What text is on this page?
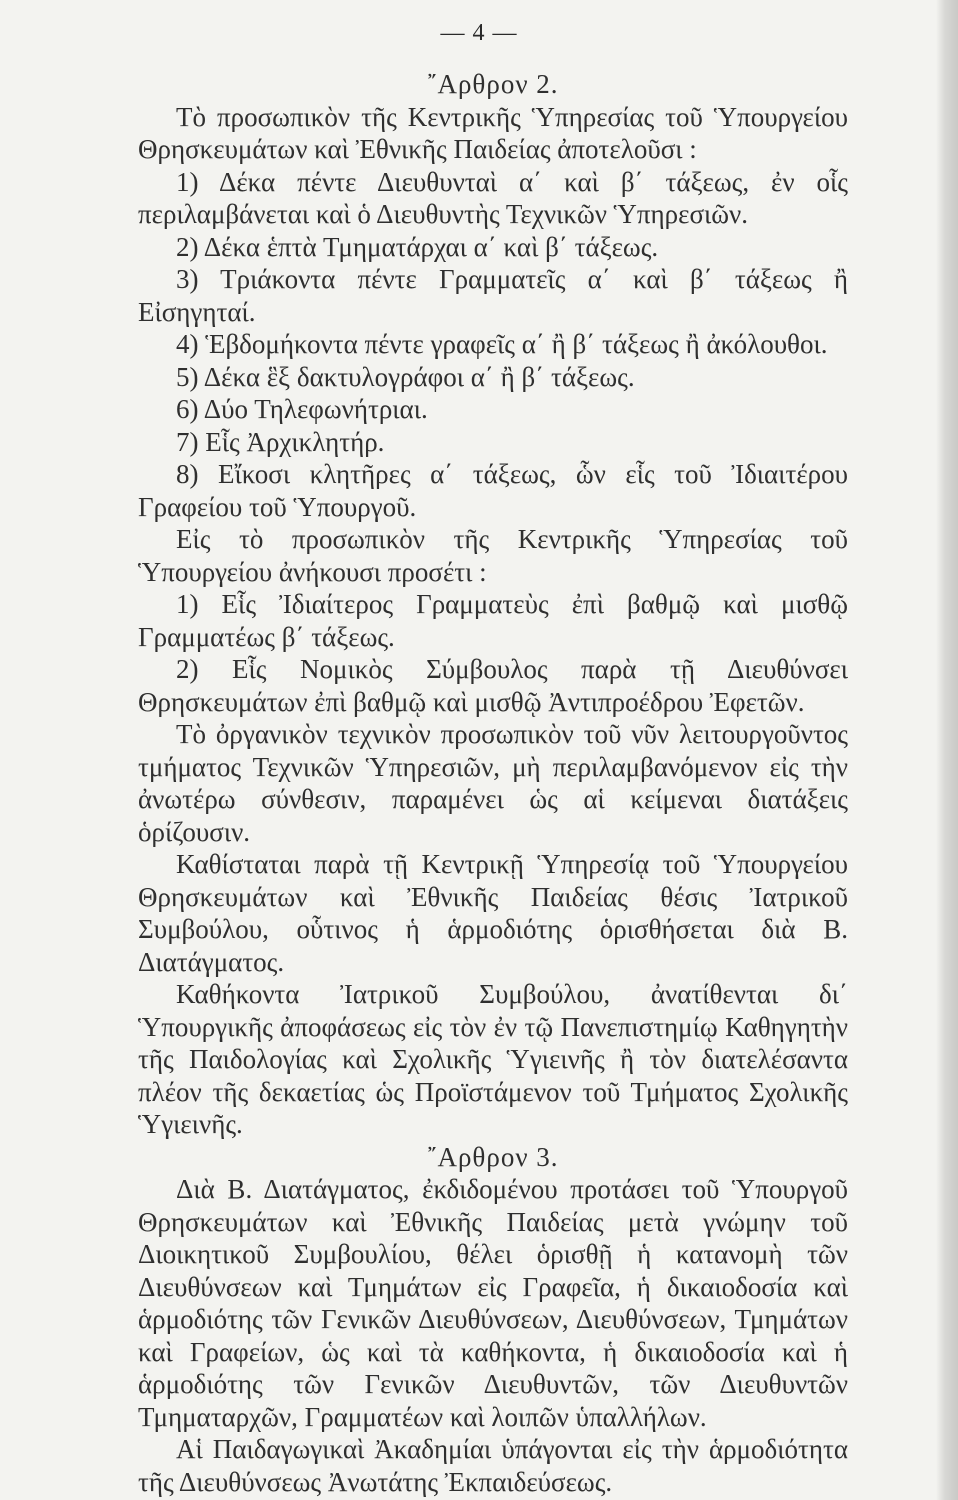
— 4 —

῎Αρθρον 2.

Τὸ προσωπικὸν τῆς Κεντρικῆς Ὑπηρεσίας τοῦ Ὑπουργείου Θρησκευμάτων καὶ Ἐθνικῆς Παιδείας ἀποτελοῦσι :

1) Δέκα πέντε Διευθυνταὶ α΄ καὶ β΄ τάξεως, ἐν οἷς περιλαμβάνεται καὶ ὁ Διευθυντὴς Τεχνικῶν Ὑπηρεσιῶν.

2) Δέκα ἑπτὰ Τμηματάρχαι α΄ καὶ β΄ τάξεως.

3) Τριάκοντα πέντε Γραμματεῖς α΄ καὶ β΄ τάξεως ἢ Εἰσηγηταί.

4) Ἑβδομήκοντα πέντε γραφεῖς α΄ ἢ β΄ τάξεως ἢ ἀκόλουθοι.

5) Δέκα ἓξ δακτυλογράφοι α΄ ἢ β΄ τάξεως.

6) Δύο Τηλεφωνήτριαι.

7) Εἷς Ἀρχικλητήρ.

8) Εἴκοσι κλητῆρες α΄ τάξεως, ὧν εἷς τοῦ Ἰδιαιτέρου Γραφείου τοῦ Ὑπουργοῦ.

Εἰς τὸ προσωπικὸν τῆς Κεντρικῆς Ὑπηρεσίας τοῦ Ὑπουργείου ἀνήκουσι προσέτι :

1) Εἷς Ἰδιαίτερος Γραμματεὺς ἐπὶ βαθμῷ καὶ μισθῷ Γραμματέως β΄ τάξεως.

2) Εἷς Νομικὸς Σύμβουλος παρὰ τῇ Διευθύνσει Θρησκευμάτων ἐπὶ βαθμῷ καὶ μισθῷ Ἀντιπροέδρου Ἐφετῶν.

Τὸ ὀργανικὸν τεχνικὸν προσωπικὸν τοῦ νῦν λειτουργοῦντος τμήματος Τεχνικῶν Ὑπηρεσιῶν, μὴ περιλαμβανόμενον εἰς τὴν ἀνωτέρω σύνθεσιν, παραμένει ὡς αἱ κείμεναι διατάξεις ὁρίζουσιν.

Καθίσταται παρὰ τῇ Κεντρικῇ Ὑπηρεσίᾳ τοῦ Ὑπουργείου Θρησκευμάτων καὶ Ἐθνικῆς Παιδείας θέσις Ἰατρικοῦ Συμβούλου, οὗτινος ἡ ἁρμοδιότης ὁρισθήσεται διὰ Β. Διατάγματος.

Καθήκοντα Ἰατρικοῦ Συμβούλου, ἀνατίθενται δι΄ Ὑπουργικῆς ἀποφάσεως εἰς τὸν ἐν τῷ Πανεπιστημίῳ Καθηγητὴν τῆς Παιδολογίας καὶ Σχολικῆς Ὑγιεινῆς ἢ τὸν διατελέσαντα πλέον τῆς δεκαετίας ὡς Προϊστάμενον τοῦ Τμήματος Σχολικῆς Ὑγιεινῆς.

῎Αρθρον 3.

Διὰ Β. Διατάγματος, ἐκδιδομένου προτάσει τοῦ Ὑπουργοῦ Θρησκευμάτων καὶ Ἐθνικῆς Παιδείας μετὰ γνώμην τοῦ Διοικητικοῦ Συμβουλίου, θέλει ὁρισθῇ ἡ κατανομὴ τῶν Διευθύνσεων καὶ Τμημάτων εἰς Γραφεῖα, ἡ δικαιοδοσία καὶ ἁρμοδιότης τῶν Γενικῶν Διευθύνσεων, Διευθύνσεων, Τμημάτων καὶ Γραφείων, ὡς καὶ τὰ καθήκοντα, ἡ δικαιοδοσία καὶ ἡ ἁρμοδιότης τῶν Γενικῶν Διευθυντῶν, τῶν Διευθυντῶν Τμηματαρχῶν, Γραμματέων καὶ λοιπῶν ὑπαλλήλων.

Αἱ Παιδαγωγικαὶ Ἀκαδημίαι ὑπάγονται εἰς τὴν ἁρμοδιότητα τῆς Διευθύνσεως Ἀνωτάτης Ἐκπαιδεύσεως.
